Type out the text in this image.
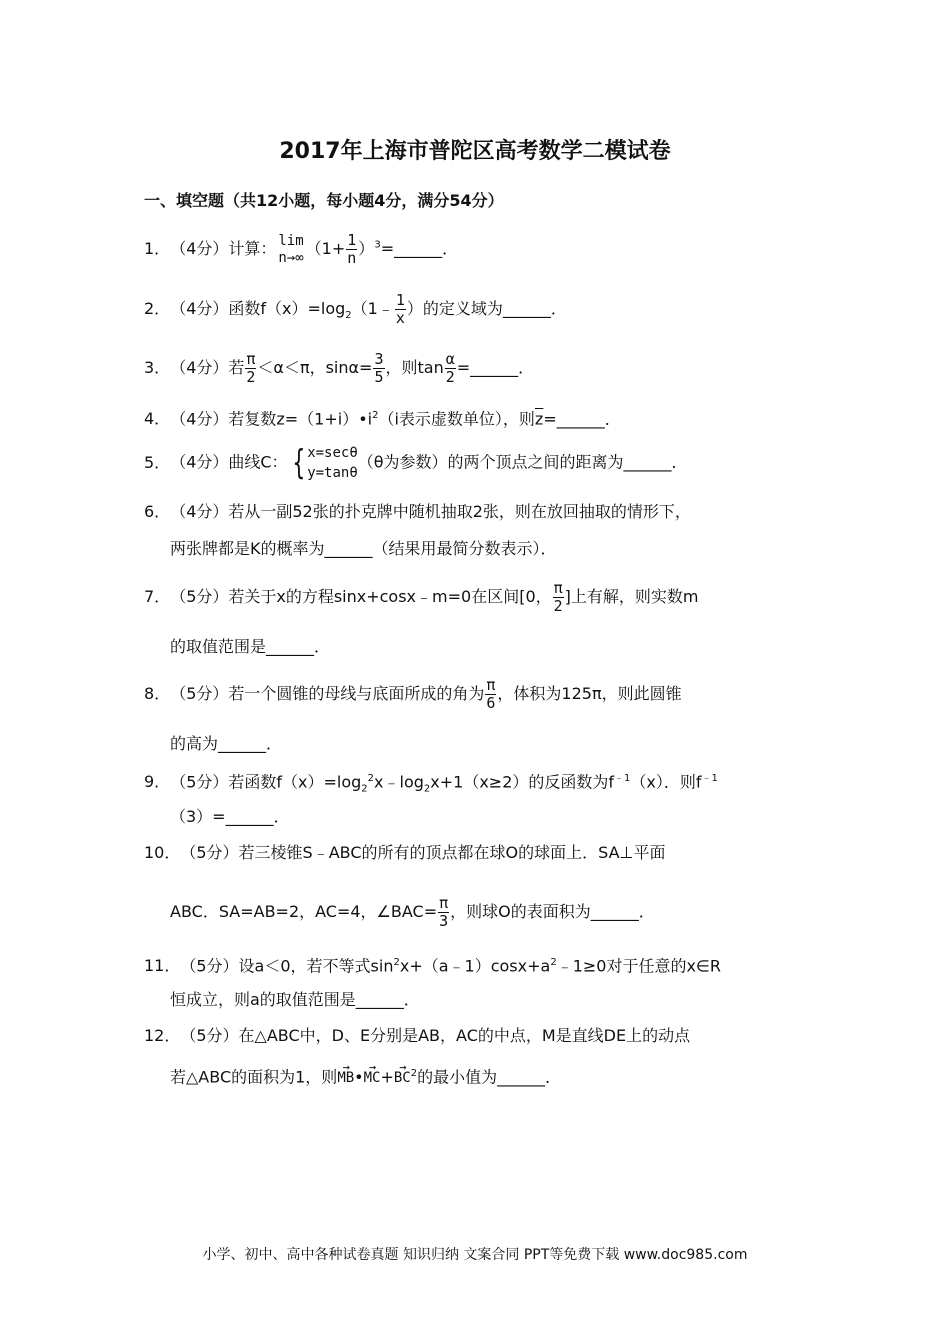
2017年上海市普陀区高考数学二模试卷
一、填空题（共12小题，每小题4分，满分54分）
1．（4分）计算： lim
n→∞ （$1+ \frac{1}{n}$ ）$^3=\_\_\_\_\_\_$．
2．（4分）函数$f(x)=\log_2(1﹣ \frac{1}{x}$ ）的定义域为______．
3．（4分）若 $\frac{\pi}{2} <\alpha<\pi$，$\sin\alpha= \frac{3}{5}$ ，则$\tan \frac{\alpha}{2}$ =______．
4．（4分）若复数$z=(1+i)•i^2(i$表示虚数单位），则$\overline{z}=\_\_\_\_\_\_$．
5．（4分）曲线C： { x=secθ
y=tanθ
（θ为参数）的两个顶点之间的距离为______．
6．（4分）若从一副52张的扑克牌中随机抽取2张，则在放回抽取的情形下，
两张牌都是K的概率为______（结果用最简分数表示）．
7．（5分）若关于x的方程sinx+cosx﹣m=0在区间[0， $\frac{\pi}{2}$ ]上有解，则实数m
的取值范围是______．
8．（5分）若一个圆锥的母线与底面所成的角为 $\frac{\pi}{6}$ ，体积为125π，则此圆锥
的高为______．
9．（5分）若函数$f(x)=\log_2^2x﹣\log_2x+1(x\ge 2)$的反函数为$f^{﹣1}(x)$．则$f^{﹣1}$
（3）=______．
10．（5分）若三棱锥S﹣ABC的所有的顶点都在球O的球面上．SA⊥平面
ABC．SA=AB=2，AC=4，∠BAC= $\frac{\pi}{3}$ ，则球O的表面积为______．
11．（5分）设a＜0，若不等式$\sin^2x+(a﹣1)\cos x+a^2﹣1\ge 0$对于任意的x∈R
恒成立，则a的取值范围是______．
12．（5分）在△ABC中，D、E分别是AB，AC的中点，M是直线DE上的动点
若△ABC的面积为1，则→ MB•→ $MC+\to BC^2$的最小值为______．
小学、初中、高中各种试卷真题 知识归纳 文案合同 PPT等免费下载 www.doc985.com
